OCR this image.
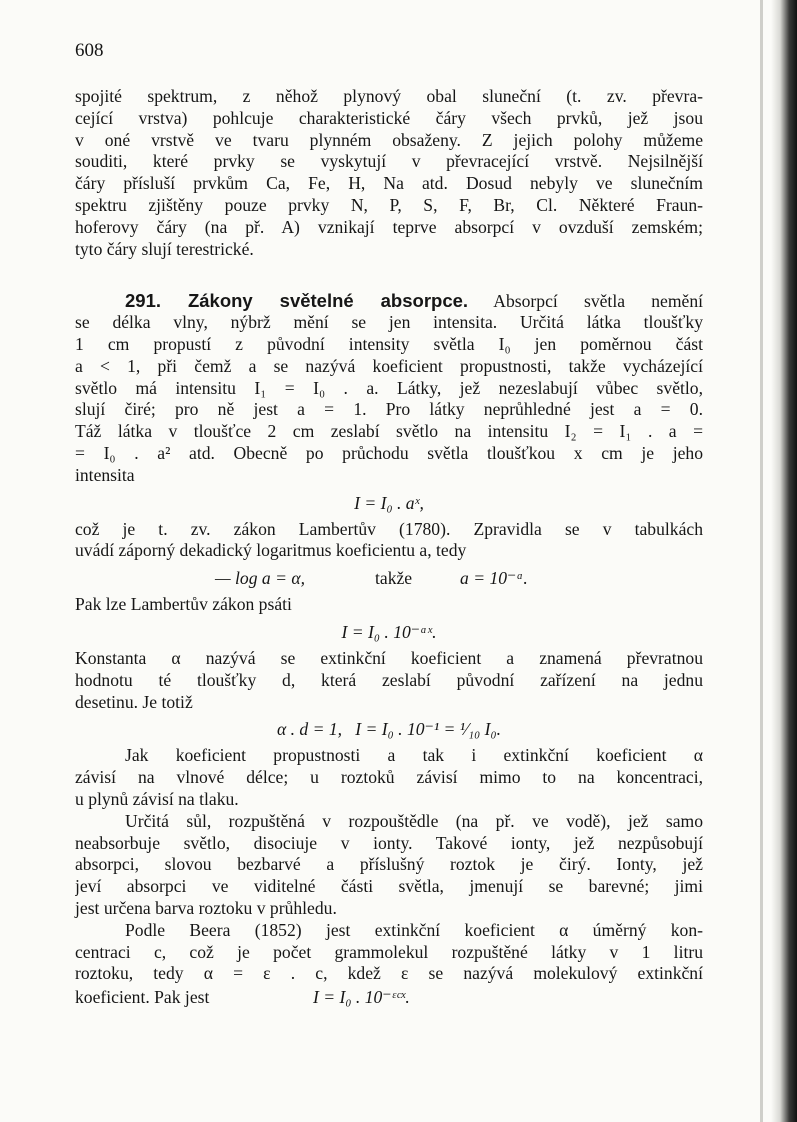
608
spojité spektrum, z něhož plynový obal sluneční (t. zv. převra-
cející vrstva) pohlcuje charakteristické čáry všech prvků, jež jsou
v oné vrstvě ve tvaru plynném obsaženy. Z jejich polohy můžeme
souditi, které prvky se vyskytují v převracející vrstvě. Nejsilnější
čáry přísluší prvkům Ca, Fe, H, Na atd. Dosud nebyly ve slunečním
spektru zjištěny pouze prvky N, P, S, F, Br, Cl. Některé Fraun-
hoferovy čáry (na př. A) vznikají teprve absorpcí v ovzduší zemském;
tyto čáry slují terestrické.
291. Zákony světelné absorpce. Absorpcí světla nemění
se délka vlny, nýbrž mění se jen intensita. Určitá látka tloušťky
1 cm propustí z původní intensity světla I₀ jen poměrnou část
a < 1, při čemž a se nazývá koeficient propustnosti, takže vycházející
světlo má intensitu I₁ = I₀ . a. Látky, jež nezeslabují vůbec světlo,
slují čiré; pro ně jest a = 1. Pro látky neprůhledné jest a = 0.
Táž látka v tloušťce 2 cm zeslabí světlo na intensitu I₂ = I₁ . a =
= I₀ . a² atd. Obecně po průchodu světla tloušťkou x cm je jeho
intensita
I = I₀ . aˣ,
což je t. zv. zákon Lambertův (1780). Zpravidla se v tabulkách
uvádí záporný dekadický logaritmus koeficientu a, tedy
— log a = α,	takže	a = 10⁻ᵅ.
Pak lze Lambertův zákon psáti
I = I₀ . 10⁻ᵅˣ.
Konstanta α nazývá se extinkční koeficient a znamená převratnou
hodnotu té tloušťky d, která zeslabí původní zařízení na jednu
desetinu. Je totiž
α . d = 1,   I = I₀ . 10⁻¹ = ¹⁄₁₀ I₀.
Jak koeficient propustnosti a tak i extinkční koeficient α
závisí na vlnové délce; u roztoků závisí mimo to na koncentraci,
u plynů závisí na tlaku.
Určitá sůl, rozpuštěná v rozpouštědle (na př. ve vodě), jež samo
neabsorbuje světlo, disociuje v ionty. Takové ionty, jež nezpůsobují
absorpci, slovou bezbarvé a příslušný roztok je čirý. Ionty, jež
jeví absorpci ve viditelné části světla, jmenují se barevné; jimi
jest určena barva roztoku v průhledu.
Podle Beera (1852) jest extinkční koeficient α úměrný kon-
centraci c, což je počet grammolekul rozpuštěné látky v 1 litru
roztoku, tedy α = ε . c, kdež ε se nazývá molekulový extinkční
koeficient. Pak jest	I = I₀ . 10⁻ᵋᶜˣ.
